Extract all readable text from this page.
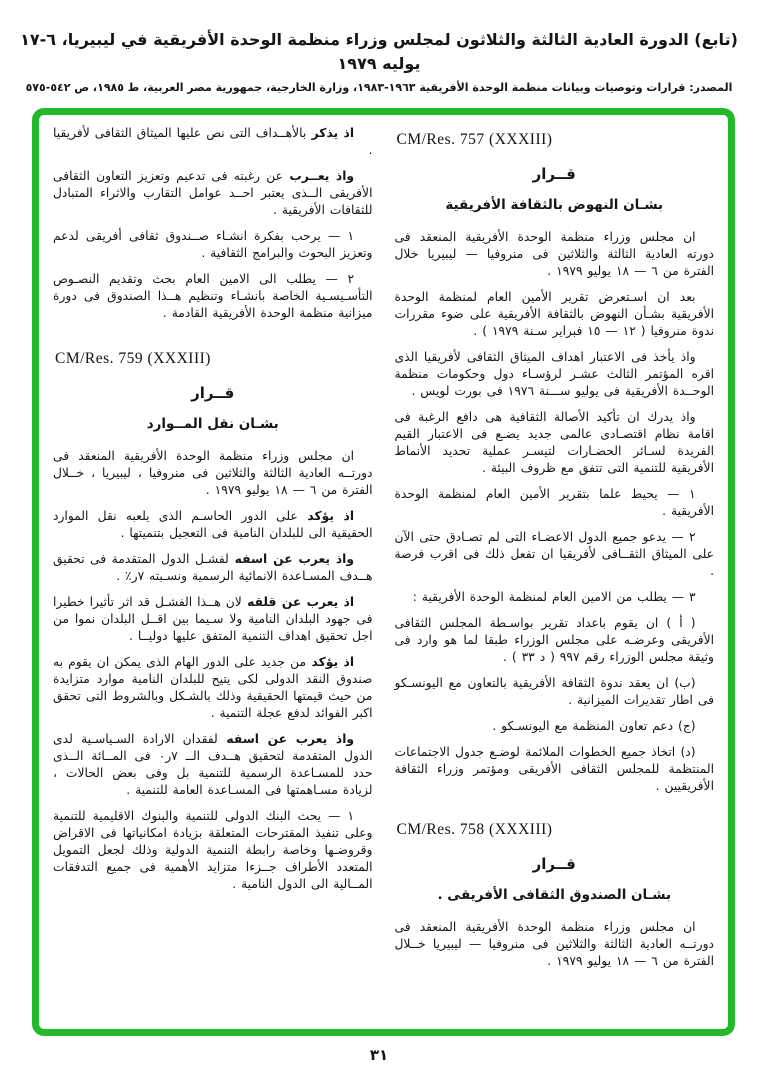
(تابع) الدورة العادية الثالثة والثلاثون لمجلس وزراء منظمة الوحدة الأفريقية في ليبيريا، ٦-١٧ يوليه ١٩٧٩
المصدر: قرارات وتوصيات وبيانات منظمة الوحدة الأفريقية ١٩٦٣-١٩٨٣، وزارة الخارجية، جمهورية مصر العربية، ط ١٩٨٥، ص ٥٤٢-٥٧٥
CM/Res. 757 (XXXIII)
قــرار
بشـان النهوض بالثقافة الأفريقية

ان مجلس وزراء منظمة الوحدة الأفريقية المنعقد فى دورته العادية الثالثة والثلاثين فى منروفيا — ليبيريا خلال الفترة من ٦ — ١٨ يوليو ١٩٧٩ .

بعد ان اسـتعرض تقرير الأمين العام لمنظمة الوحدة الأفريقية بشـأن النهوض بالثقافة الأفريقية على ضوء مقررات ندوة منروفيا ( ١٢ — ١٥ فبراير سـنة ١٩٧٩ ) .

واذ يأخذ فى الاعتبار اهداف الميثاق الثقافى لأفريقيا الذى اقره المؤتمر الثالث عشـر لرؤسـاء دول وحكومات منظمة الوحــدة الأفريقية فى يوليو ســـنة ١٩٧٦ فى بورت لويس .

واذ يدرك ان تأكيد الأصالة الثقافية هى دافع الرغبة فى اقامة نظام اقتصـادى عالمى جديد يضـع فى الاعتبار القيم الفريدة لسـائر الحضـارات لتيسـر عملية تحديد الأنماط الأفريقية للتنمية التى تتفق مع ظروف البيئة .

١ — يحيط علما بتقرير الأمين العام لمنظمة الوحدة الأفريقية .

٢ — يدعو جميع الدول الاعضـاء التى لم تصـادق حتى الآن على الميثاق الثقــافى لأفريقيا ان تفعل ذلك فى اقرب فرصة .

٣ — يطلب من الامين العام لمنظمة الوحدة الأفريقية :

( أ ) ان يقوم باعداد تقرير بواسـطة المجلس الثقافى الأفريقى وعرضـه على مجلس الوزراء طبقا لما هو وارد فى وثيقة مجلس الوزراء رقم ٩٩٧ ( د ٣٣ ) .

(ب) ان يعقد ندوة الثقافة الأفريقية بالتعاون مع اليونسـكو فى اطار تقديرات الميزانية .

(ج) دعم تعاون المنظمة مع اليونسـكو .

(د) اتخاذ جميع الخطوات الملائمة لوضـع جدول الاجتماعات المنتظمة للمجلس الثقافى الأفريقى ومؤتمر وزراء الثقافة الأفريقيين .

CM/Res. 758 (XXXIII)
قــرار
بشـان الصندوق الثقافى الأفريقى .

ان مجلس وزراء منظمة الوحدة الأفريقية المنعقد فى دورتــه العادية الثالثة والثلاثين فى منروفيا — ليبيريا خــلال الفترة من ٦ — ١٨ يوليو ١٩٧٩ .

اذ يذكر بالأهــداف التى نص عليها الميثاق الثقافى لأفريقيا .

واذ يعــرب عن رغبته فى تدعيم وتعزيز التعاون الثقافى الأفريقى الــذى يعتبر احــد عوامل التقارب والاثراء المتبادل للثقافات الأفريقية .

١ — يرحب بفكرة انشـاء صــندوق ثقافى أفريقى لدعم وتعزيز البحوث والبرامج الثقافية .

٢ — يطلب الى الامين العام بحث وتقديم النصـوص التأسـيسـية الخاصة بانشـاء وتنظيم هــذا الصندوق فى دورة ميزانية منظمة الوحدة الأفريقية القادمة .

CM/Res. 759 (XXXIII)
قــرار
بشـان نقل المــوارد

ان مجلس وزراء منظمة الوحدة الأفريقية المنعقد فى دورتــه العادية الثالثة والثلاثين فى منروفيا ، ليبيريا ، خــلال الفترة من ٦ — ١٨ يوليو ١٩٧٩ .

اذ يؤكد على الدور الحاسـم الذى يلعبه نقل الموارد الحقيقية الى للبلدان النامية فى التعجيل بتنميتها .

واذ يعرب عن اسفه لفشـل الدول المتقدمة فى تحقيق هــدف المسـاعدة الانمائية الرسمية ونسـبته ٧ر٪ .

اذ يعرب عن قلقه لان هــذا الفشـل قد اثر تأثيرا خطيرا فى جهود البلدان النامية ولا سـيما بين اقــل البلدان نموا من اجل تحقيق اهداف التنمية المتفق عليها دوليــا .

اذ يؤكد من جديد على الدور الهام الذى يمكن ان يقوم به صندوق النقد الدولى لكى يتيح للبلدان النامية موارد متزايدة من حيث قيمتها الحقيقية وذلك بالشـكل وبالشروط التى تحقق اكبر الفوائد لدفع عجلة التنمية .

واذ يعرب عن اسفه لفقدان الارادة السـياسـية لدى الدول المتقدمة لتحقيق هــدف الــ ٧ر٠ فى المــائة الــذى حدد للمسـاعدة الرسمية للتنمية بل وفى بعض الحالات ، لزيادة مسـاهمتها فى المسـاعدة العامة للتنمية .

١ — يحث البنك الدولى للتنمية والبنوك الاقليمية للتنمية وعلى تنفيذ المقترحات المتعلقة بزيادة امكانياتها فى الاقراض وقروضـها وخاصة رابطة التنمية الدولية وذلك لجعل التمويل المتعدد الأطراف جــزءا متزايد الأهمية فى جميع التدفقات المــالية الى الدول النامية .

٣١
